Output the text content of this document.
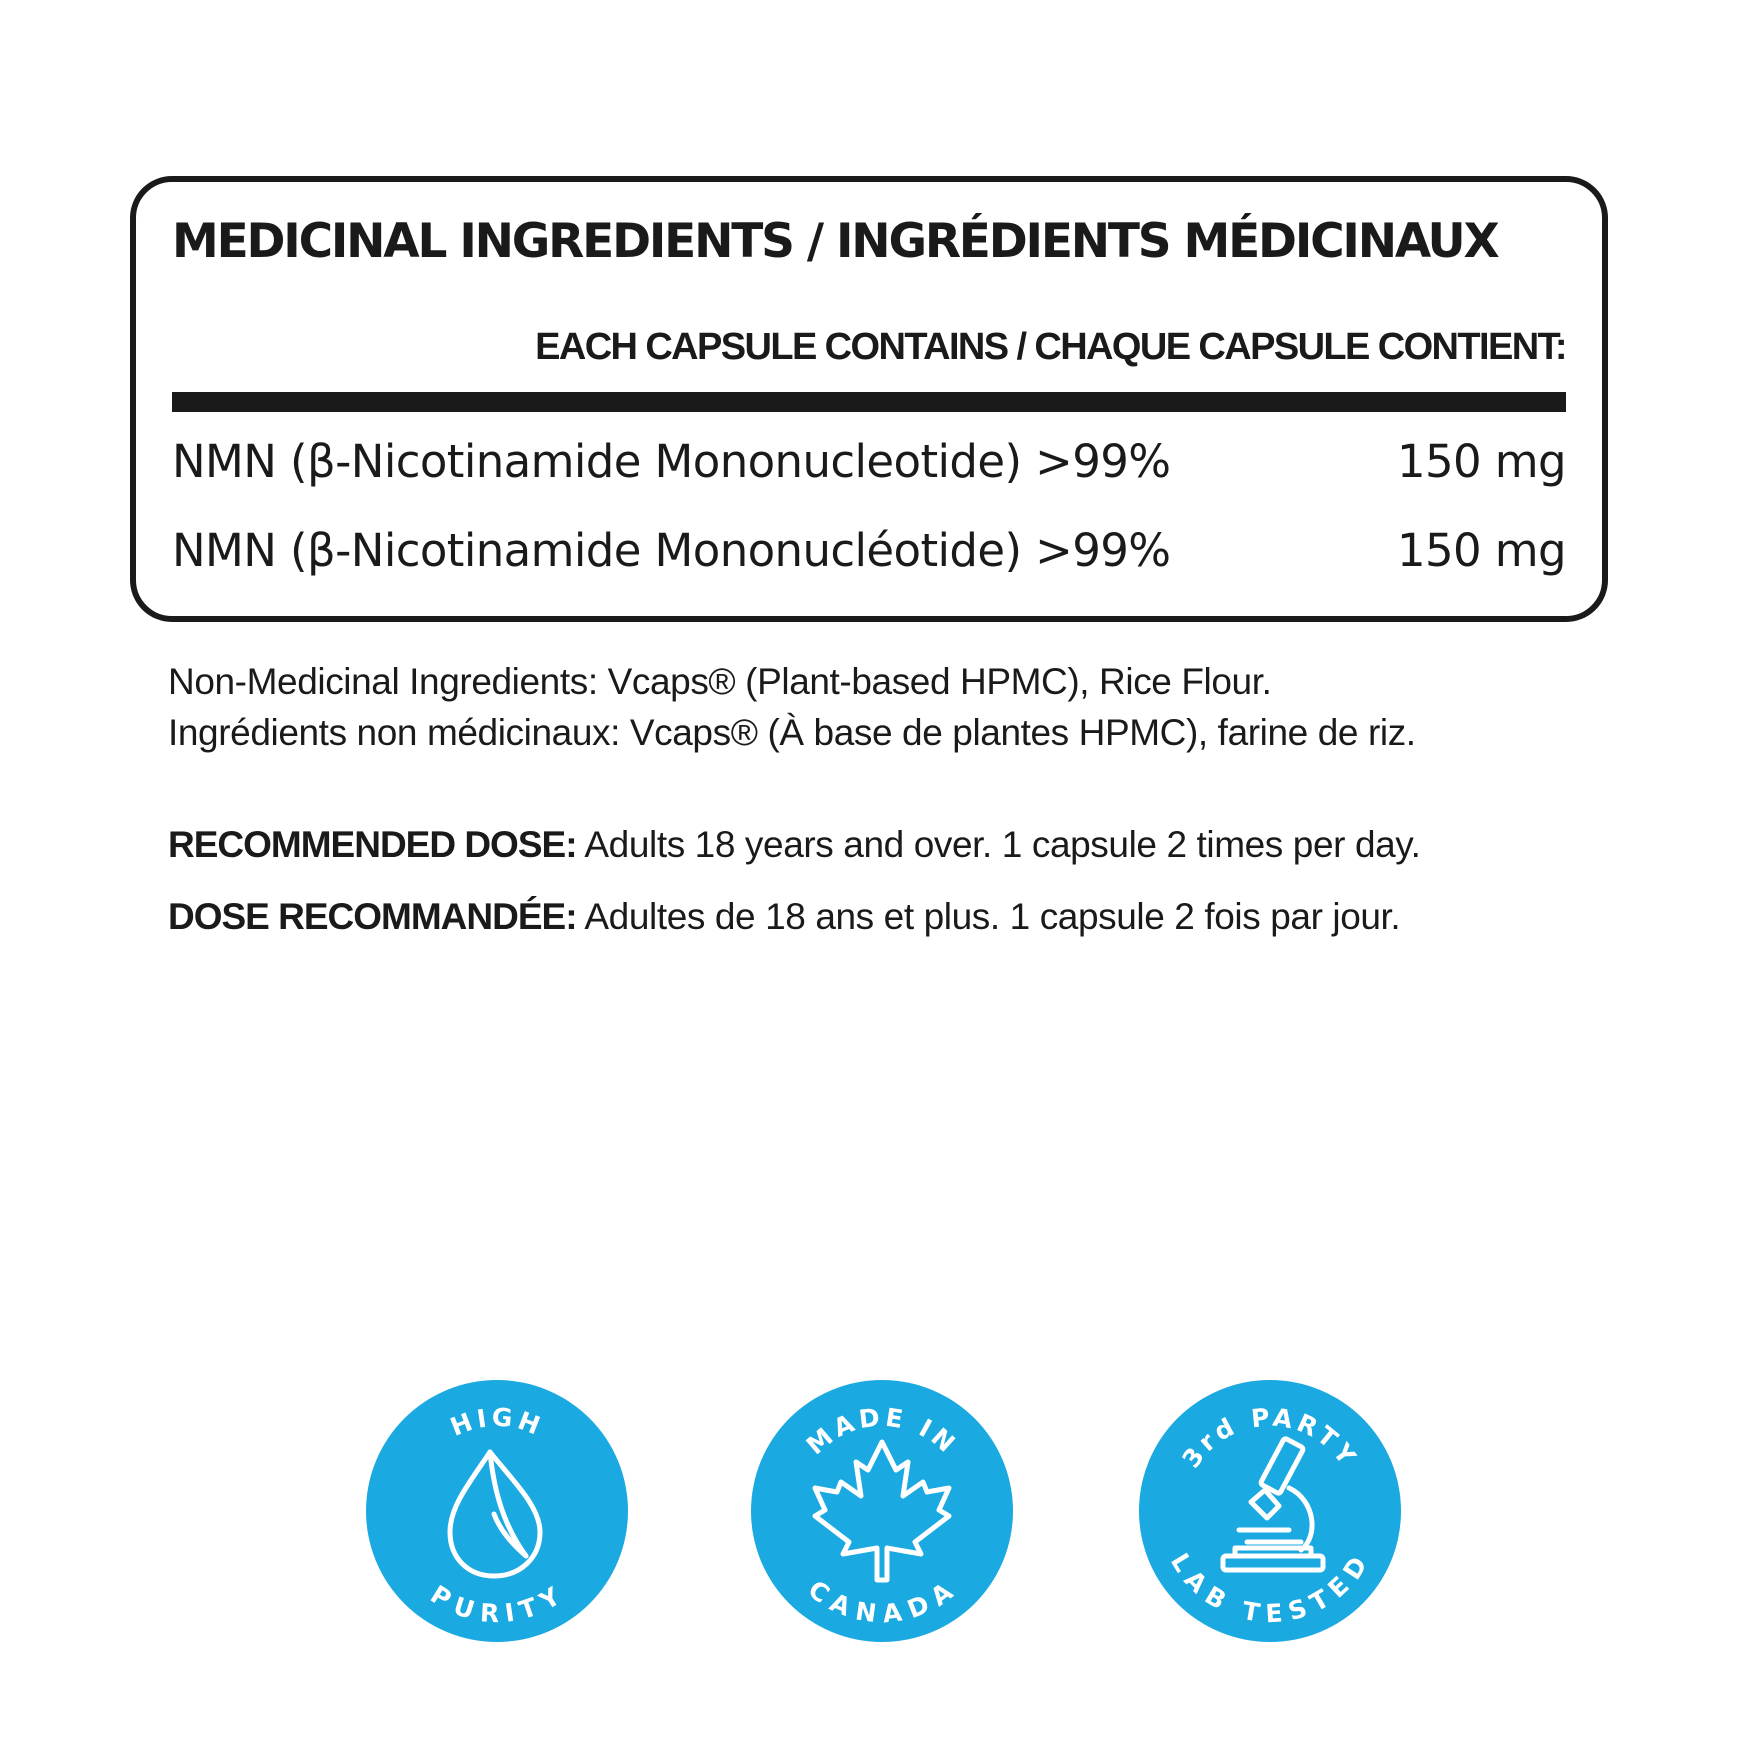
MEDICINAL INGREDIENTS / INGRÉDIENTS MÉDICINAUX
EACH CAPSULE CONTAINS / CHAQUE CAPSULE CONTIENT:
NMN (β-Nicotinamide Mononucleotide) >99%	150 mg
NMN (β-Nicotinamide Mononucléotide) >99%	150 mg

Non-Medicinal Ingredients: Vcaps® (Plant-based HPMC), Rice Flour.

Ingrédients non médicinaux: Vcaps® (À base de plantes HPMC), farine de riz.

RECOMMENDED DOSE: Adults 18 years and over. 1 capsule 2 times per day.
DOSE RECOMMANDÉE: Adultes de 18 ans et plus. 1 capsule 2 fois par jour.
HIGH
PURITY
MADE IN
CANADA
3rd PARTY
LAB TESTED
